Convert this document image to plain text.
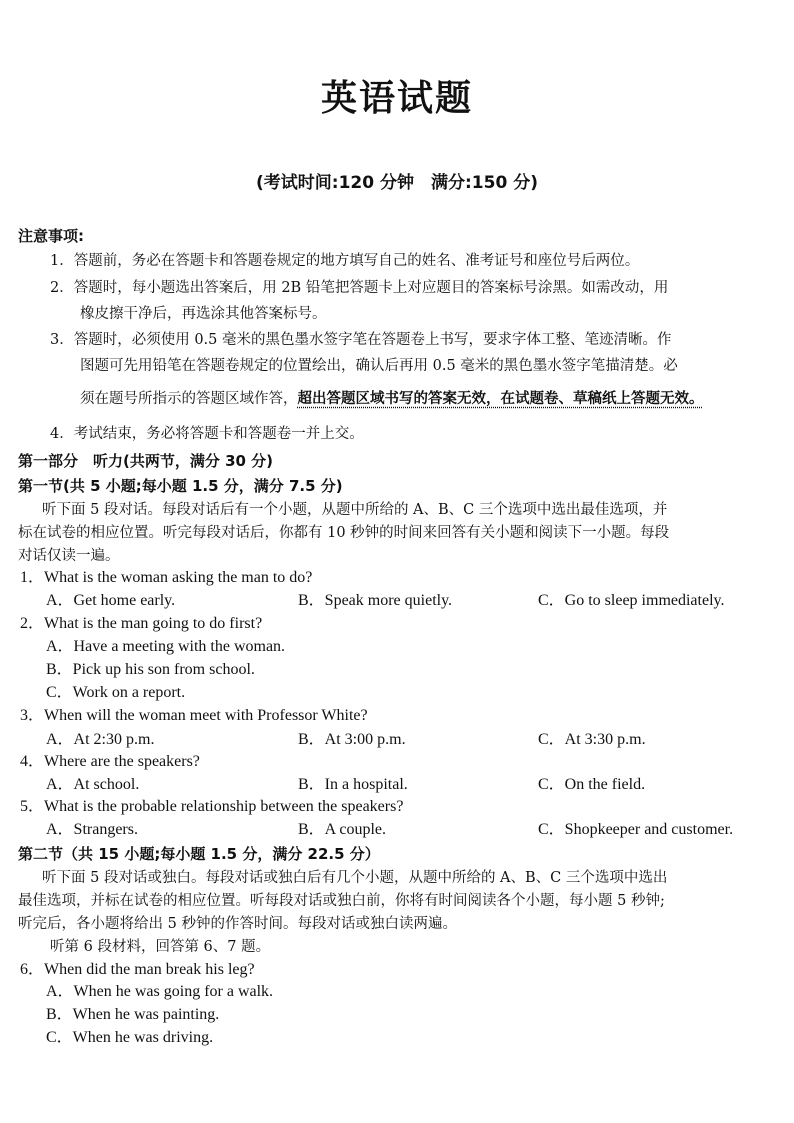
英语试题
(考试时间:120 分钟　满分:150 分)
注意事项:
1．答题前，务必在答题卡和答题卷规定的地方填写自己的姓名、准考证号和座位号后两位。
2．答题时，每小题选出答案后，用 2B 铅笔把答题卡上对应题目的答案标号涂黑。如需改动，用
橡皮擦干净后，再选涂其他答案标号。
3．答题时，必须使用 0.5 毫米的黑色墨水签字笔在答题卷上书写，要求字体工整、笔迹清晰。作
图题可先用铅笔在答题卷规定的位置绘出，确认后再用 0.5 毫米的黑色墨水签字笔描清楚。必
须在题号所指示的答题区域作答，超出答题区域书写的答案无效，在试题卷、草稿纸上答题无效。
4．考试结束，务必将答题卡和答题卷一并上交。
第一部分　听力(共两节，满分 30 分)
第一节(共 5 小题;每小题 1.5 分，满分 7.5 分)
听下面 5 段对话。每段对话后有一个小题，从题中所给的 A、B、C 三个选项中选出最佳选项，并
标在试卷的相应位置。听完每段对话后，你都有 10 秒钟的时间来回答有关小题和阅读下一小题。每段
对话仅读一遍。
1．What is the woman asking the man to do?
A．Get home early.	B．Speak more quietly.	C．Go to sleep immediately.
2．What is the man going to do first?
A．Have a meeting with the woman.
B．Pick up his son from school.
C．Work on a report.
3．When will the woman meet with Professor White?
A．At 2:30 p.m.	B．At 3:00 p.m.	C．At 3:30 p.m.
4．Where are the speakers?
A．At school.	B．In a hospital.	C．On the field.
5．What is the probable relationship between the speakers?
A．Strangers.	B．A couple.	C．Shopkeeper and customer.
第二节（共 15 小题;每小题 1.5 分，满分 22.5 分）
听下面 5 段对话或独白。每段对话或独白后有几个小题，从题中所给的 A、B、C 三个选项中选出
最佳选项，并标在试卷的相应位置。听每段对话或独白前，你将有时间阅读各个小题，每小题 5 秒钟;
听完后，各小题将给出 5 秒钟的作答时间。每段对话或独白读两遍。
听第 6 段材料，回答第 6、7 题。
6．When did the man break his leg?
A．When he was going for a walk.
B．When he was painting.
C．When he was driving.
